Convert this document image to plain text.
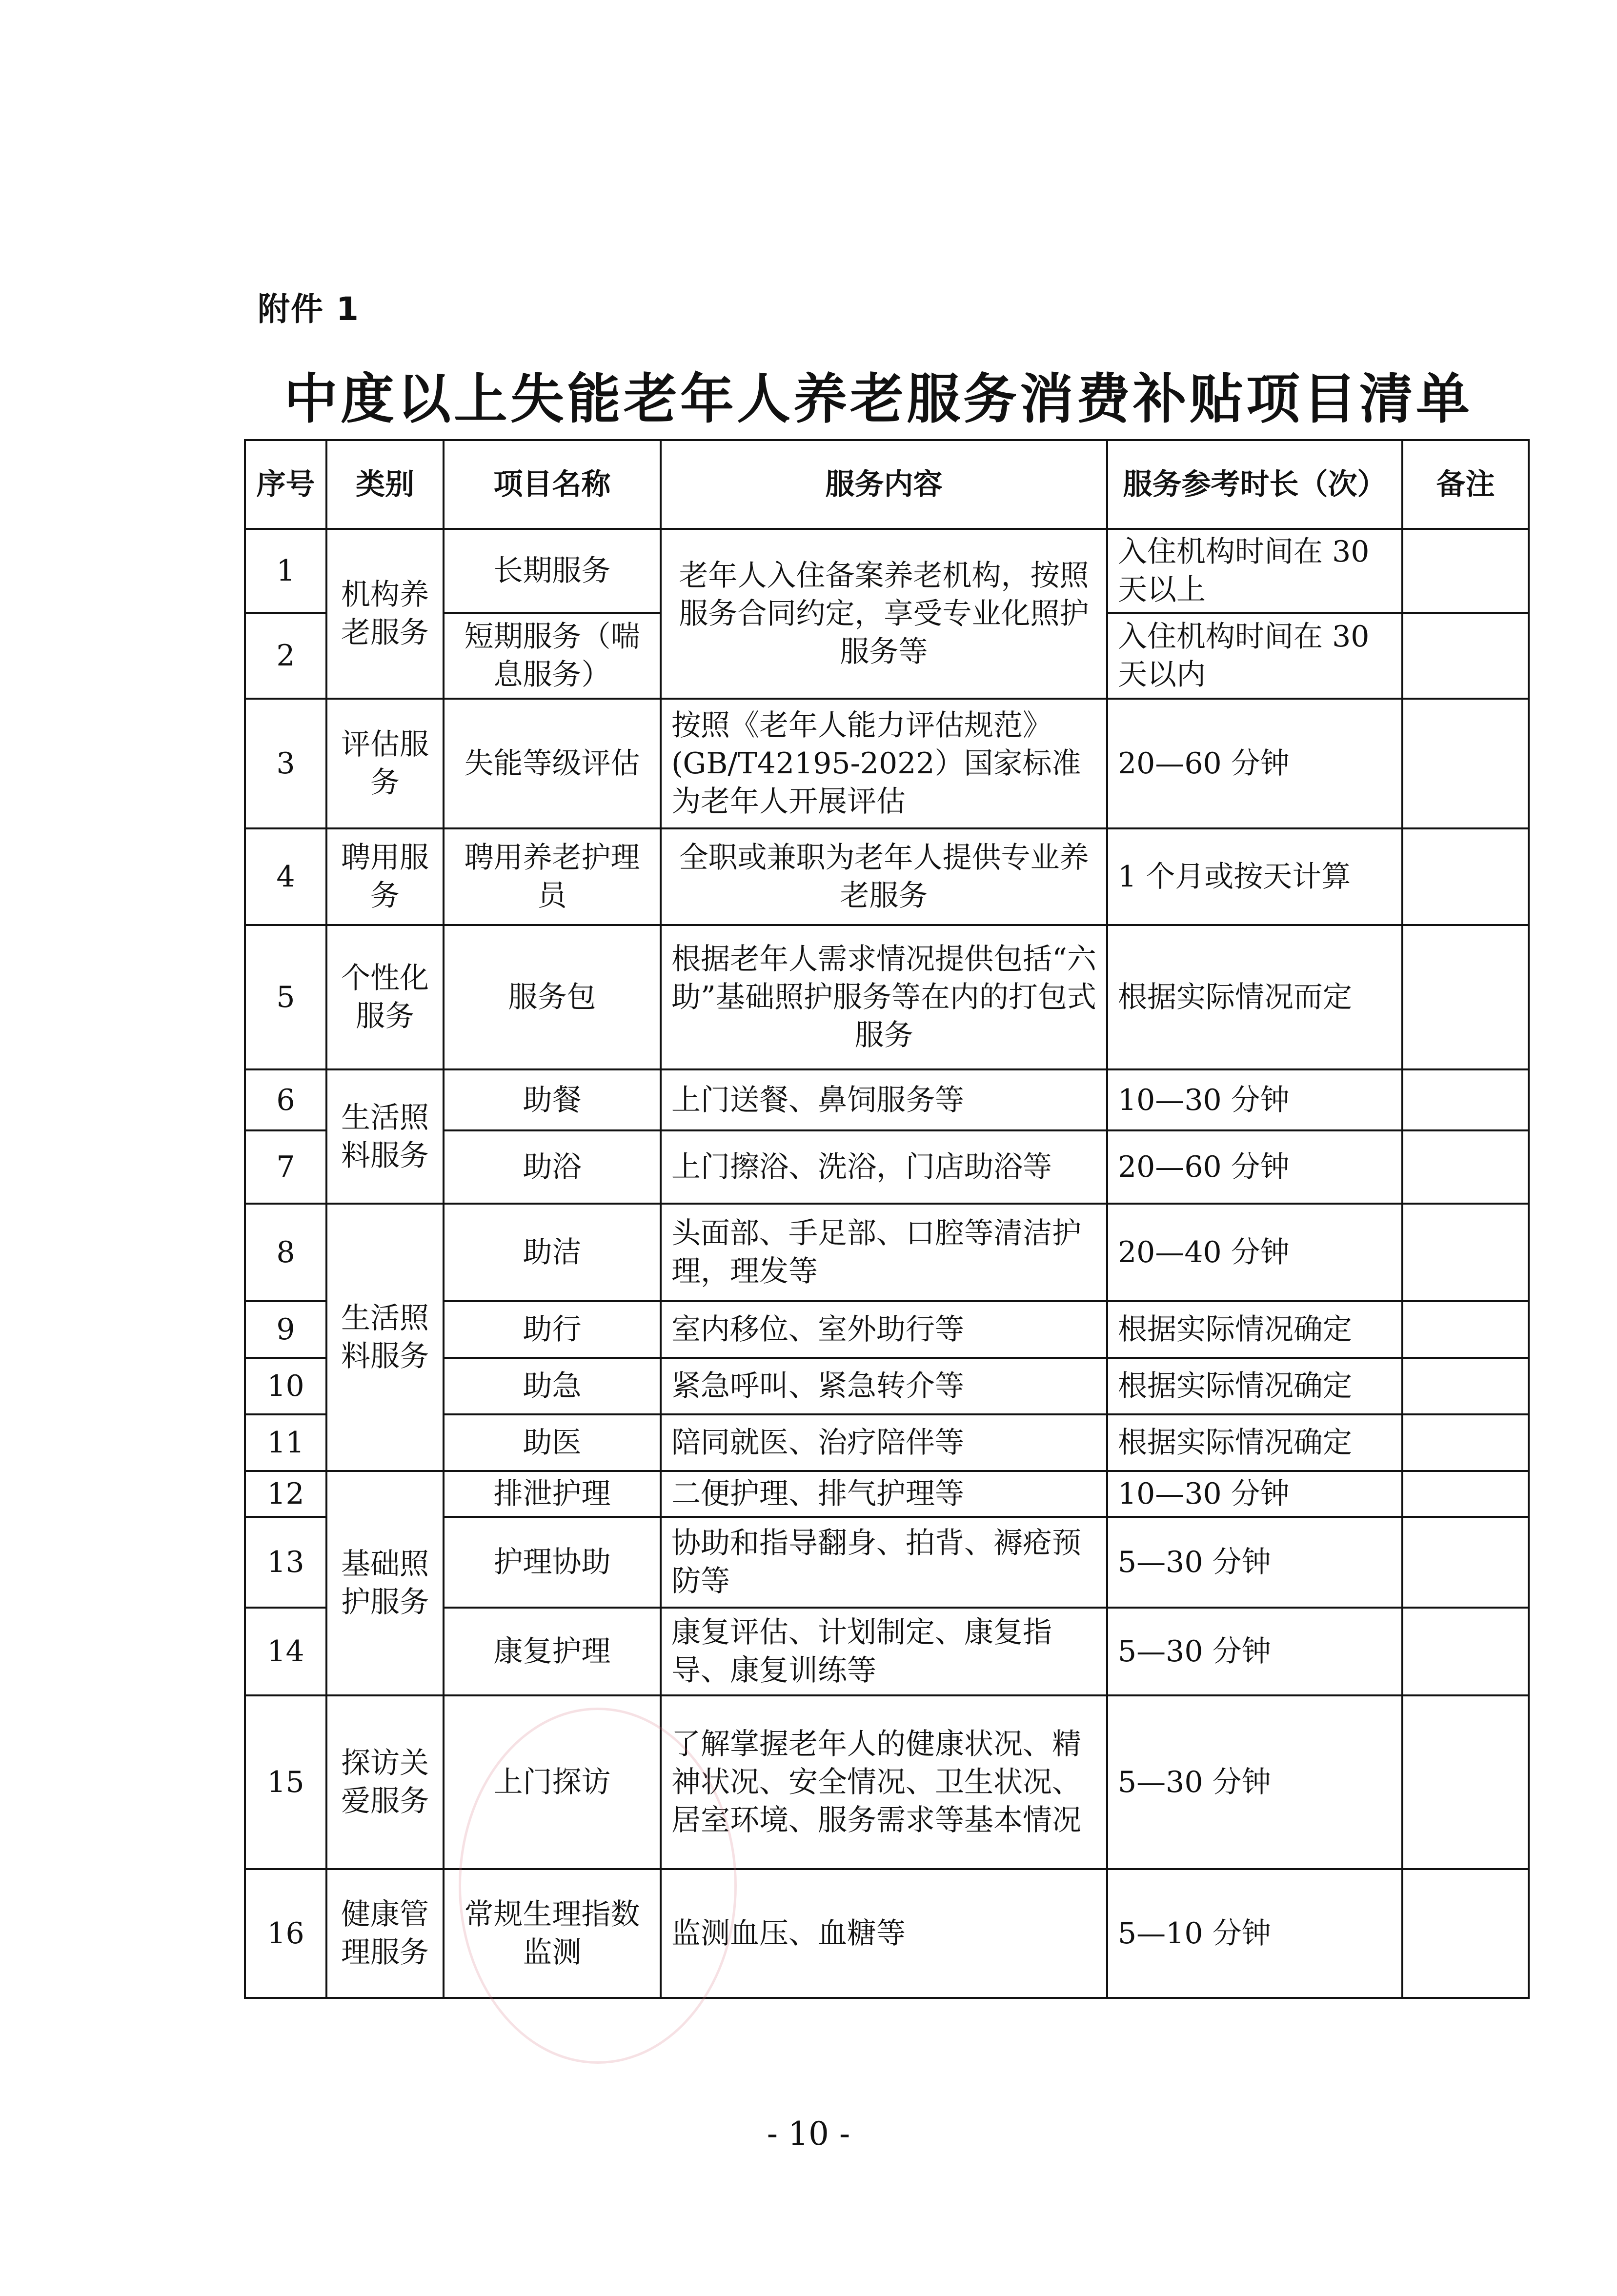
附件 1
中度以上失能老年人养老服务消费补贴项目清单
序号	类别	项目名称	服务内容	服务参考时长（次）	备注
1	机构养老服务	长期服务	老年人入住备案养老机构，按照服务合同约定，享受专业化照护服务等	入住机构时间在 30 天以上	
2		短期服务（喘息服务）		入住机构时间在 30 天以内	
3	评估服务	失能等级评估	按照《老年人能力评估规范》(GB/T42195-2022）国家标准为老年人开展评估	20—60 分钟	
4	聘用服务	聘用养老护理员	全职或兼职为老年人提供专业养老服务	1 个月或按天计算	
5	个性化服务	服务包	根据老年人需求情况提供包括“六助”基础照护服务等在内的打包式服务	根据实际情况而定	
6	生活照料服务	助餐	上门送餐、鼻饲服务等	10—30 分钟	
7		助浴	上门擦浴、洗浴，门店助浴等	20—60 分钟	
8	生活照料服务	助洁	头面部、手足部、口腔等清洁护理，理发等	20—40 分钟	
9		助行	室内移位、室外助行等	根据实际情况确定	
10		助急	紧急呼叫、紧急转介等	根据实际情况确定	
11		助医	陪同就医、治疗陪伴等	根据实际情况确定	
12	基础照护服务	排泄护理	二便护理、排气护理等	10—30 分钟	
13		护理协助	协助和指导翻身、拍背、褥疮预防等	5—30 分钟	
14		康复护理	康复评估、计划制定、康复指导、康复训练等	5—30 分钟	
15	探访关爱服务	上门探访	了解掌握老年人的健康状况、精神状况、安全情况、卫生状况、居室环境、服务需求等基本情况	5—30 分钟	
16	健康管理服务	常规生理指数监测	监测血压、血糖等	5—10 分钟	
- 10 -
